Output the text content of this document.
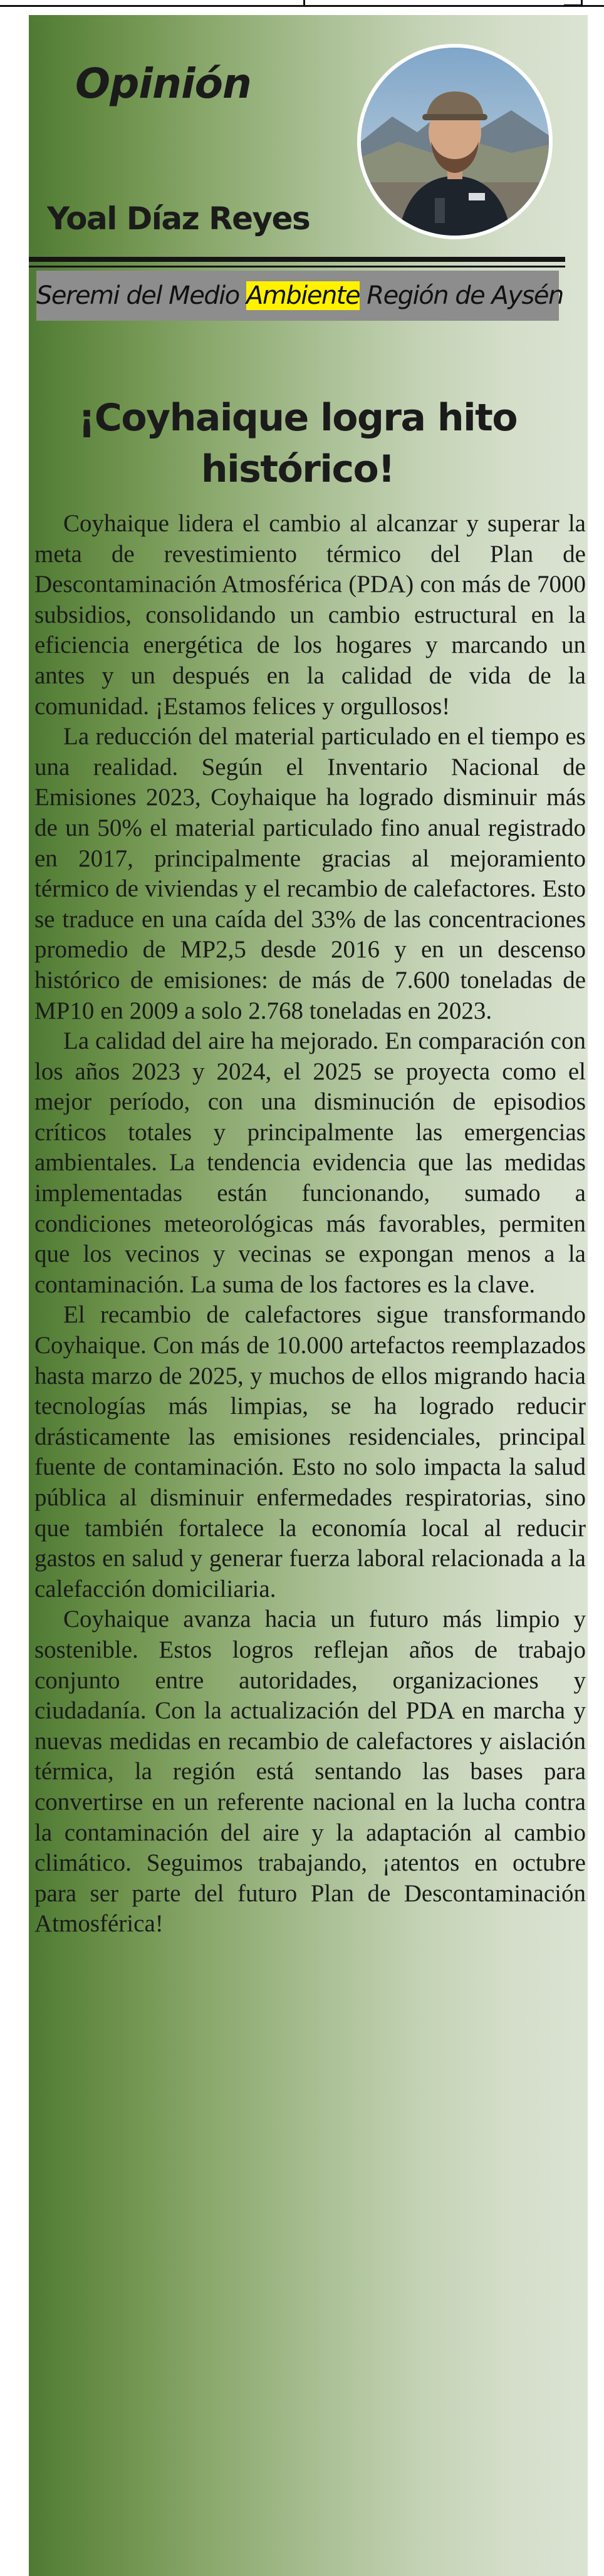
Opinión
Yoal Díaz Reyes
Seremi del Medio Ambiente Región de Aysén
¡Coyhaique logra hito histórico!

Coyhaique lidera el cambio al alcanzar y superar la meta de revestimiento térmico del Plan de Descontaminación Atmosférica (PDA) con más de 7000 subsidios, consolidando un cambio estructural en la eficiencia energética de los hogares y marcando un antes y un después en la calidad de vida de la comunidad. ¡Estamos felices y orgullosos!

La reducción del material particulado en el tiempo es una realidad. Según el Inventario Nacional de Emisiones 2023, Coyhaique ha logrado disminuir más de un 50% el material particulado fino anual registrado en 2017, principalmente gracias al mejoramiento térmico de viviendas y el recambio de calefactores. Esto se traduce en una caída del 33% de las concentraciones promedio de MP2,5 desde 2016 y en un descenso histórico de emisiones: de más de 7.600 toneladas de MP10 en 2009 a solo 2.768 toneladas en 2023.

La calidad del aire ha mejorado. En comparación con los años 2023 y 2024, el 2025 se proyecta como el mejor período, con una disminución de episodios críticos totales y principalmente las emergencias ambientales. La tendencia evidencia que las medidas implementadas están funcionando, sumado a condiciones meteorológicas más favorables, permiten que los vecinos y vecinas se expongan menos a la contaminación. La suma de los factores es la clave.

El recambio de calefactores sigue transformando Coyhaique. Con más de 10.000 artefactos reemplazados hasta marzo de 2025, y muchos de ellos migrando hacia tecnologías más limpias, se ha logrado reducir drásticamente las emisiones residenciales, principal fuente de contaminación. Esto no solo impacta la salud pública al disminuir enfermedades respiratorias, sino que también fortalece la economía local al reducir gastos en salud y generar fuerza laboral relacionada a la calefacción domiciliaria.

Coyhaique avanza hacia un futuro más limpio y sostenible. Estos logros reflejan años de trabajo conjunto entre autoridades, organizaciones y ciudadanía. Con la actualización del PDA en marcha y nuevas medidas en recambio de calefactores y aislación térmica, la región está sentando las bases para convertirse en un referente nacional en la lucha contra la contaminación del aire y la adaptación al cambio climático. Seguimos trabajando, ¡atentos en octubre para ser parte del futuro Plan de Descontaminación Atmosférica!
